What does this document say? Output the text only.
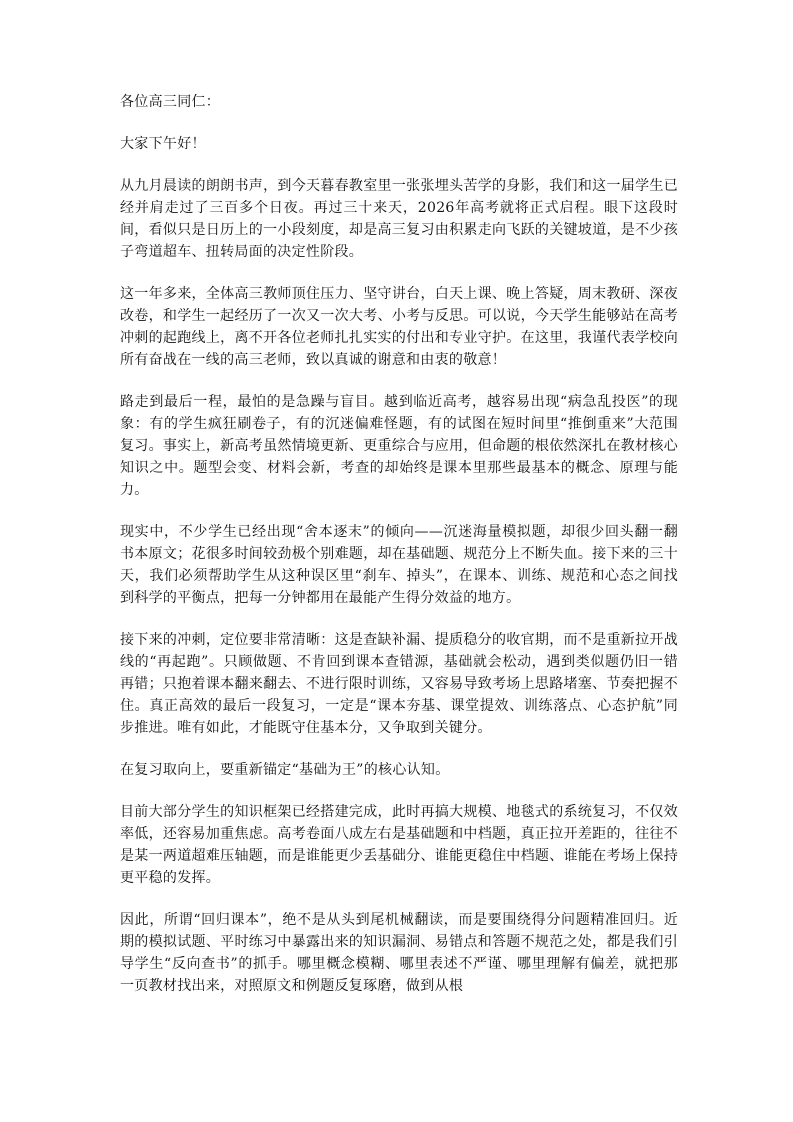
各位高三同仁：

大家下午好！

从九月晨读的朗朗书声，到今天暮春教室里一张张埋头苦学的身影，我们和这一届学生已经并肩走过了三百多个日夜。再过三十来天，2026年高考就将正式启程。眼下这段时间，看似只是日历上的一小段刻度，却是高三复习由积累走向飞跃的关键坡道，是不少孩子弯道超车、扭转局面的决定性阶段。

这一年多来，全体高三教师顶住压力、坚守讲台，白天上课、晚上答疑，周末教研、深夜改卷，和学生一起经历了一次又一次大考、小考与反思。可以说，今天学生能够站在高考冲刺的起跑线上，离不开各位老师扎扎实实的付出和专业守护。在这里，我谨代表学校向所有奋战在一线的高三老师，致以真诚的谢意和由衷的敬意！

路走到最后一程，最怕的是急躁与盲目。越到临近高考，越容易出现“病急乱投医”的现象：有的学生疯狂刷卷子，有的沉迷偏难怪题，有的试图在短时间里“推倒重来”大范围复习。事实上，新高考虽然情境更新、更重综合与应用，但命题的根依然深扎在教材核心知识之中。题型会变、材料会新，考查的却始终是课本里那些最基本的概念、原理与能力。

现实中，不少学生已经出现“舍本逐末”的倾向——沉迷海量模拟题，却很少回头翻一翻书本原文；花很多时间较劲极个别难题，却在基础题、规范分上不断失血。接下来的三十天，我们必须帮助学生从这种误区里“刹车、掉头”，在课本、训练、规范和心态之间找到科学的平衡点，把每一分钟都用在最能产生得分效益的地方。

接下来的冲刺，定位要非常清晰：这是查缺补漏、提质稳分的收官期，而不是重新拉开战线的“再起跑”。只顾做题、不肯回到课本查错源，基础就会松动，遇到类似题仍旧一错再错；只抱着课本翻来翻去、不进行限时训练，又容易导致考场上思路堵塞、节奏把握不住。真正高效的最后一段复习，一定是“课本夯基、课堂提效、训练落点、心态护航”同步推进。唯有如此，才能既守住基本分，又争取到关键分。

在复习取向上，要重新锚定“基础为王”的核心认知。

目前大部分学生的知识框架已经搭建完成，此时再搞大规模、地毯式的系统复习，不仅效率低，还容易加重焦虑。高考卷面八成左右是基础题和中档题，真正拉开差距的，往往不是某一两道超难压轴题，而是谁能更少丢基础分、谁能更稳住中档题、谁能在考场上保持更平稳的发挥。

因此，所谓“回归课本”，绝不是从头到尾机械翻读，而是要围绕得分问题精准回归。近期的模拟试题、平时练习中暴露出来的知识漏洞、易错点和答题不规范之处，都是我们引导学生“反向查书”的抓手。哪里概念模糊、哪里表述不严谨、哪里理解有偏差，就把那一页教材找出来，对照原文和例题反复琢磨，做到从根
